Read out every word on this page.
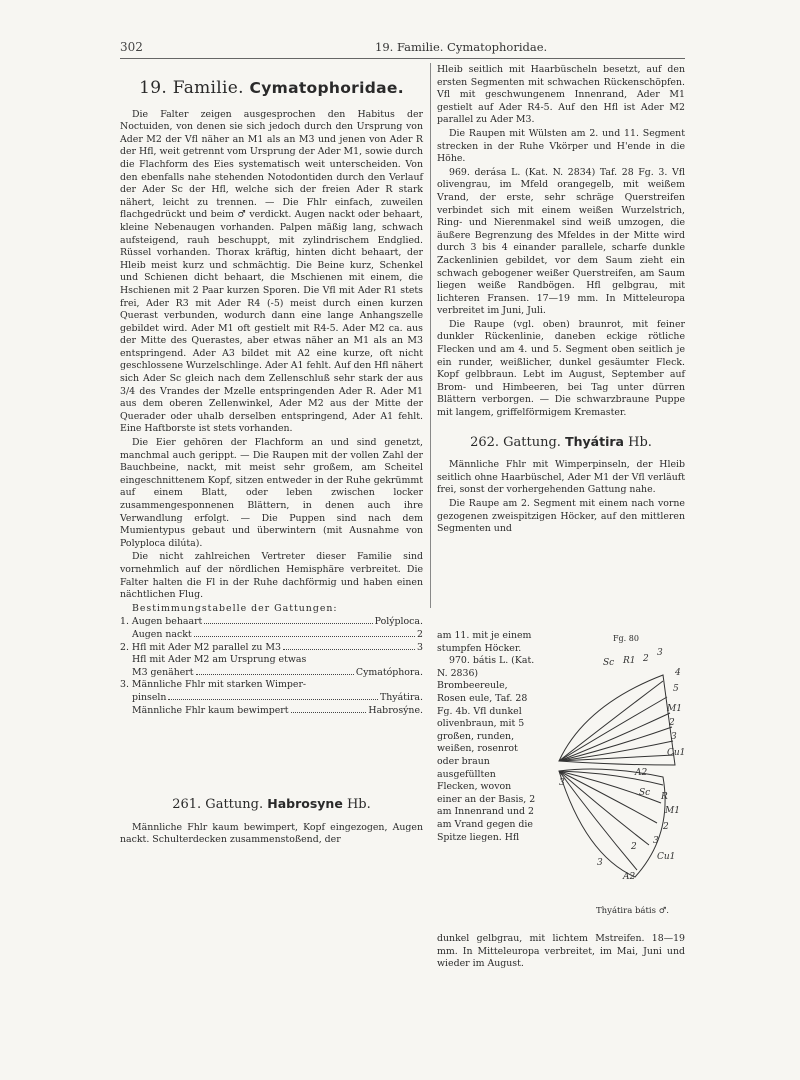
302	19. Familie. Cymatophoridae.
19. Familie. Cymatophoridae.

Die Falter zeigen ausgesprochen den Habitus der Noctuiden, von denen sie sich jedoch durch den Ursprung von Ader M2 der Vfl näher an M1 als an M3 und jenen von Ader R der Hfl, weit getrennt vom Ursprung der Ader M1, sowie durch die Flachform des Eies systematisch weit unterscheiden. Von den ebenfalls nahe stehenden Notodontiden durch den Verlauf der Ader Sc der Hfl, welche sich der freien Ader R stark nähert, leicht zu trennen. — Die Fhlr einfach, zuweilen flachgedrückt und beim ♂ verdickt. Augen nackt oder behaart, kleine Nebenaugen vorhanden. Palpen mäßig lang, schwach aufsteigend, rauh beschuppt, mit zylindrischem Endglied. Rüssel vorhanden. Thorax kräftig, hinten dicht behaart, der Hleib meist kurz und schmächtig. Die Beine kurz, Schenkel und Schienen dicht behaart, die Mschienen mit einem, die Hschienen mit 2 Paar kurzen Sporen. Die Vfl mit Ader R1 stets frei, Ader R3 mit Ader R4 (-5) meist durch einen kurzen Querast verbunden, wodurch dann eine lange Anhangszelle gebildet wird. Ader M1 oft gestielt mit R4-5. Ader M2 ca. aus der Mitte des Querastes, aber etwas näher an M1 als an M3 entspringend. Ader A3 bildet mit A2 eine kurze, oft nicht geschlossene Wurzelschlinge. Ader A1 fehlt. Auf den Hfl nähert sich Ader Sc gleich nach dem Zellenschluß sehr stark der aus 3/4 des Vrandes der Mzelle entspringenden Ader R. Ader M1 aus dem oberen Zellenwinkel, Ader M2 aus der Mitte der Querader oder uhalb derselben entspringend, Ader A1 fehlt. Eine Haftborste ist stets vorhanden.

Die Eier gehören der Flachform an und sind genetzt, manchmal auch gerippt. — Die Raupen mit der vollen Zahl der Bauchbeine, nackt, mit meist sehr großem, am Scheitel eingeschnittenem Kopf, sitzen entweder in der Ruhe gekrümmt auf einem Blatt, oder leben zwischen locker zusammengesponnenen Blättern, in denen auch ihre Verwandlung erfolgt. — Die Puppen sind nach dem Mumientypus gebaut und überwintern (mit Ausnahme von Polyploca dilúta).

Die nicht zahlreichen Vertreter dieser Familie sind vornehmlich auf der nördlichen Hemisphäre verbreitet. Die Falter halten die Fl in der Ruhe dachförmig und haben einen nächtlichen Flug.

Bestimmungstabelle der Gattungen:

1. Augen behaart	Polýploca.
Augen nackt	2
2. Hfl mit Ader M2 parallel zu M3	3
Hfl mit Ader M2 am Ursprung etwas
M3 genähert	Cymatóphora.
3. Männliche Fhlr mit starken Wimper-
pinseln	Thyátira.
Männliche Fhlr kaum bewimpert	Habrosýne.
261. Gattung. Habrosyne Hb.

Männliche Fhlr kaum bewimpert, Kopf eingezogen, Augen nackt. Schulterdecken zusammenstoßend, der

Hleib seitlich mit Haarbüscheln besetzt, auf den ersten Segmenten mit schwachen Rückenschöpfen. Vfl mit geschwungenem Innenrand, Ader M1 gestielt auf Ader R4-5. Auf den Hfl ist Ader M2 parallel zu Ader M3.

Die Raupen mit Wülsten am 2. und 11. Segment strecken in der Ruhe Vkörper und H'ende in die Höhe.

969. derása L. (Kat. N. 2834) Taf. 28 Fg. 3. Vfl olivengrau, im Mfeld orangegelb, mit weißem Vrand, der erste, sehr schräge Querstreifen verbindet sich mit einem weißen Wurzelstrich, Ring- und Nierenmakel sind weiß umzogen, die äußere Begrenzung des Mfeldes in der Mitte wird durch 3 bis 4 einander parallele, scharfe dunkle Zackenlinien gebildet, vor dem Saum zieht ein schwach gebogener weißer Querstreifen, am Saum liegen weiße Randbögen. Hfl gelbgrau, mit lichteren Fransen. 17—19 mm. In Mitteleuropa verbreitet im Juni, Juli.

Die Raupe (vgl. oben) braunrot, mit feiner dunkler Rückenlinie, daneben eckige rötliche Flecken und am 4. und 5. Segment oben seitlich je ein runder, weißlicher, dunkel gesäumter Fleck. Kopf gelbbraun. Lebt im August, September auf Brom- und Himbeeren, bei Tag unter dürren Blättern verborgen. — Die schwarzbraune Puppe mit langem, griffelförmigem Kremaster.

262. Gattung. Thyátira Hb.

Männliche Fhlr mit Wimperpinseln, der Hleib seitlich ohne Haarbüschel, Ader M1 der Vfl verläuft frei, sonst der vorhergehenden Gattung nahe.

Die Raupe am 2. Segment mit einem nach vorne gezogenen zweispitzigen Höcker, auf den mittleren Segmenten und

am 11. mit je einem stumpfen Höcker.

970. bátis L. (Kat. N. 2836) Brombeereule, Rosen eule, Taf. 28 Fg. 4b. Vfl dunkel olivenbraun, mit 5 großen, runden, weißen, rosenrot oder braun ausgefüllten Flecken, wovon einer an der Basis, 2 am Innenrand und 2 am Vrand gegen die Spitze liegen. Hfl

Fg. 80
Sc R1 2
3
4
5
M1
2
3
Cu1
A2
3
Sc R
M1
2
3
Cu1
2
A2
3
Thyátira bátis ♂.

dunkel gelbgrau, mit lichtem Mstreifen. 18—19 mm. In Mitteleuropa verbreitet, im Mai, Juni und wieder im August.
